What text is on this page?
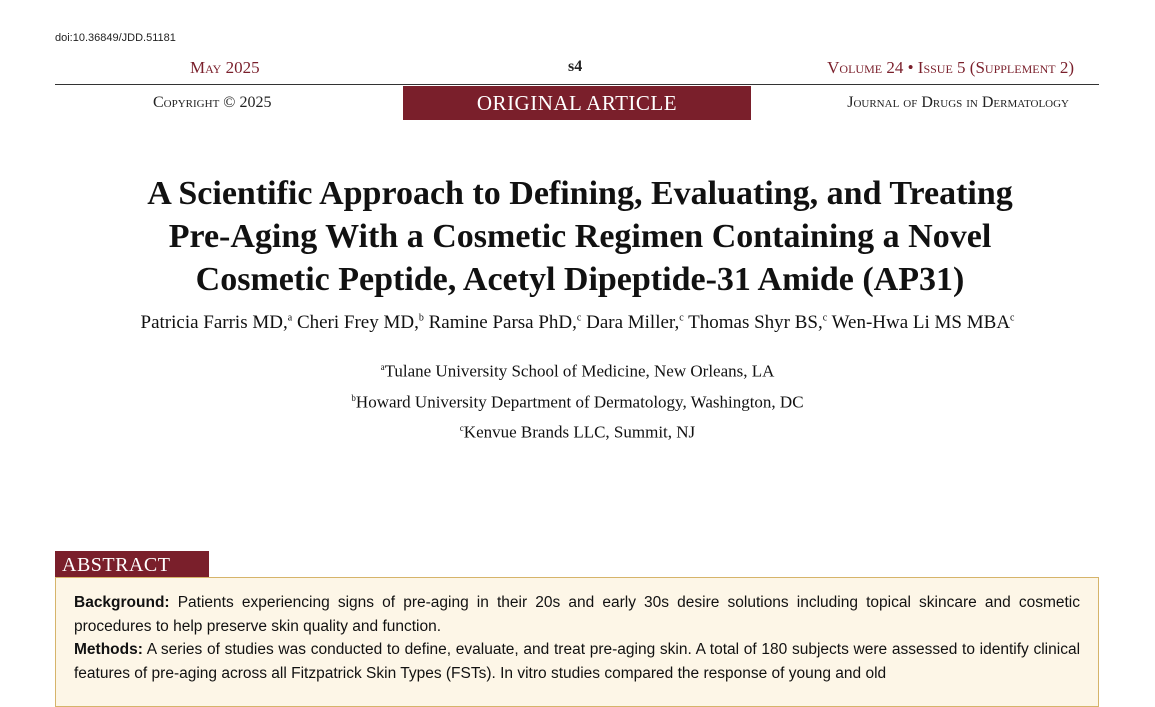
doi:10.36849/JDD.51181
May 2025	s4	Volume 24 • Issue 5 (Supplement 2)
Copyright © 2025	ORIGINAL ARTICLE	Journal of Drugs in Dermatology
A Scientific Approach to Defining, Evaluating, and Treating
Pre-Aging With a Cosmetic Regimen Containing a Novel
Cosmetic Peptide, Acetyl Dipeptide-31 Amide (AP31)
Patricia Farris MD,$^a$ Cheri Frey MD,$^b$ Ramine Parsa PhD,$^c$ Dara Miller,$^c$ Thomas Shyr BS,$^c$ Wen-Hwa Li MS MBA$^c$
$^a$Tulane University School of Medicine, New Orleans, LA
$^b$Howard University Department of Dermatology, Washington, DC
$^c$Kenvue Brands LLC, Summit, NJ
ABSTRACT

Background: Patients experiencing signs of pre-aging in their 20s and early 30s desire solutions including topical skincare and cosmetic procedures to help preserve skin quality and function.

Methods: A series of studies was conducted to define, evaluate, and treat pre-aging skin. A total of 180 subjects were assessed to identify clinical features of pre-aging across all Fitzpatrick Skin Types (FSTs). In vitro studies compared the response of young and old
